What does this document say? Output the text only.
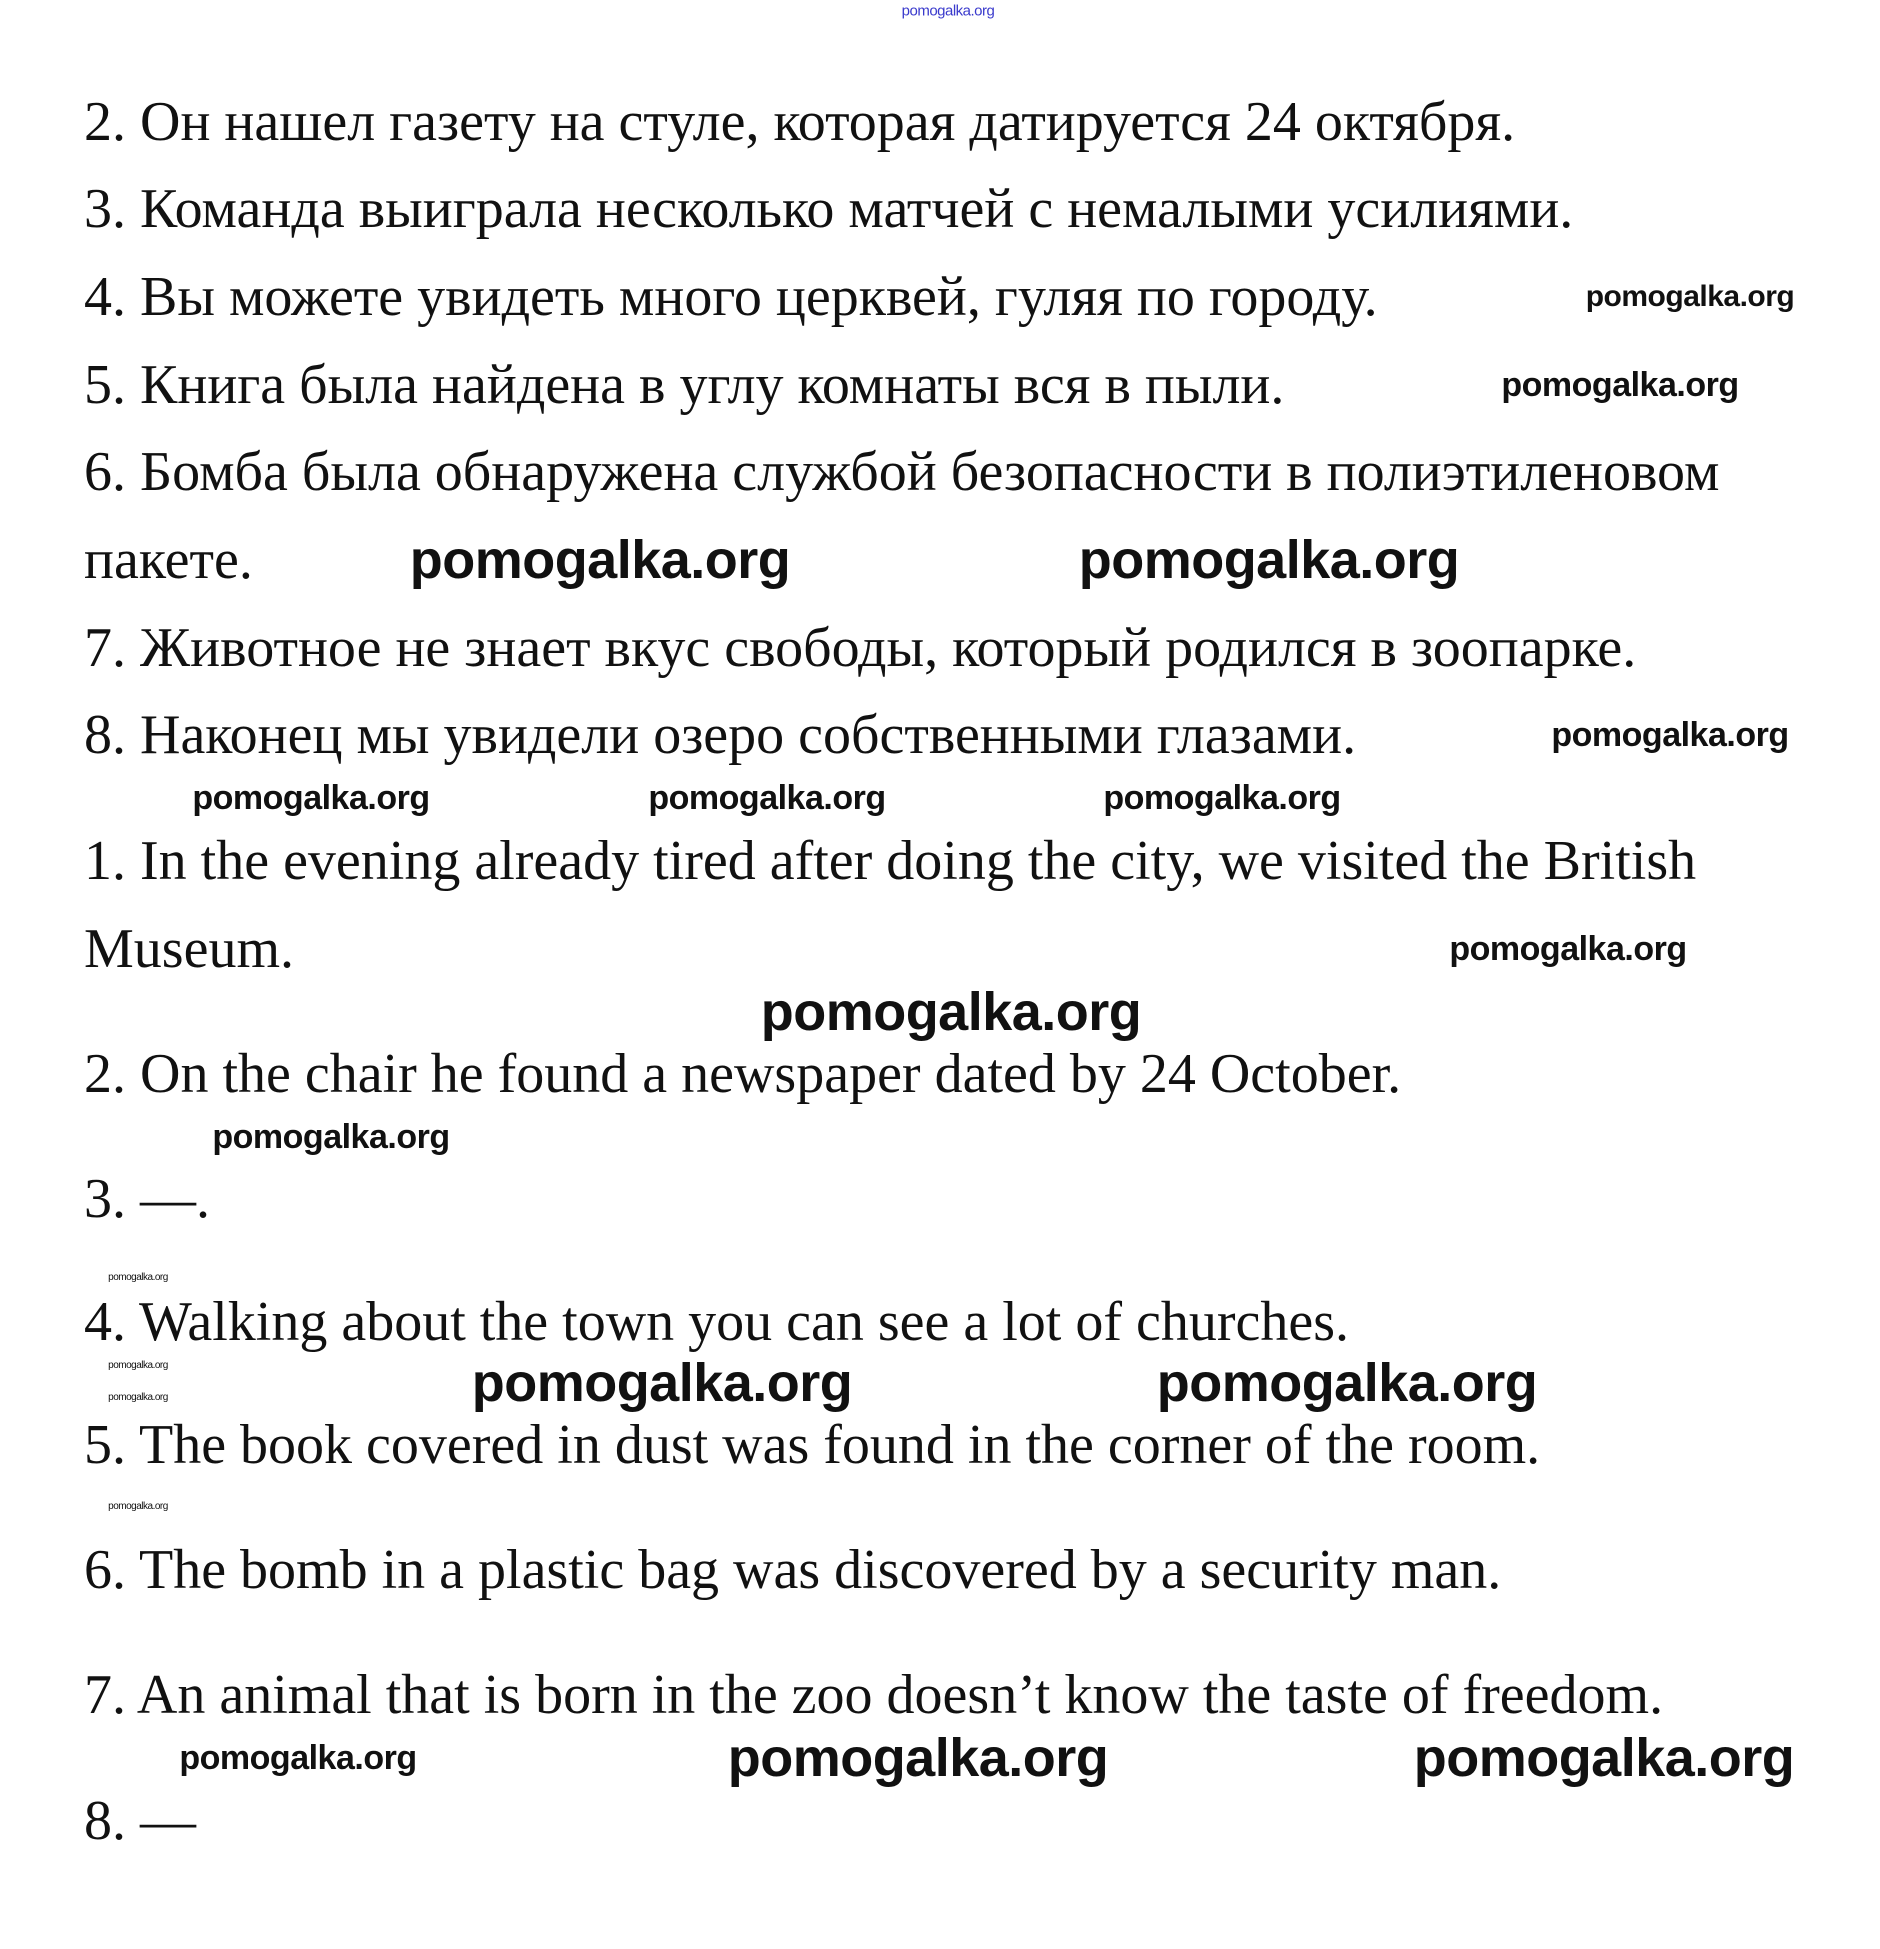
2. Он нашел газету на стуле, которая датируется 24 октября.
3. Команда выиграла несколько матчей с немалыми усилиями.
4. Вы можете увидеть много церквей, гуляя по городу.
5. Книга была найдена в углу комнаты вся в пыли.
6. Бомба была обнаружена службой безопасности в полиэтиленовом
пакете.
7. Животное не знает вкус свободы, который родился в зоопарке.
8. Наконец мы увидели озеро собственными глазами.
1. In the evening already tired after doing the city, we visited the British
Museum.
2. On the chair he found a newspaper dated by 24 October.
3. —.
4. Walking about the town you can see a lot of churches.
5. The book covered in dust was found in the corner of the room.
6. The bomb in a plastic bag was discovered by a security man.
7. An animal that is born in the zoo doesn’t know the taste of freedom.
8. —
pomogalka.org
pomogalka.org	pomogalka.org	pomogalka.org
pomogalka.org
pomogalka.org
pomogalka.org	pomogalka.org
pomogalka.org
pomogalka.org
pomogalka.org
pomogalka.org
pomogalka.org
pomogalka.org
pomogalka.org
pomogalka.org
pomogalka.org	pomogalka.org
pomogalka.org	pomogalka.org	pomogalka.org
